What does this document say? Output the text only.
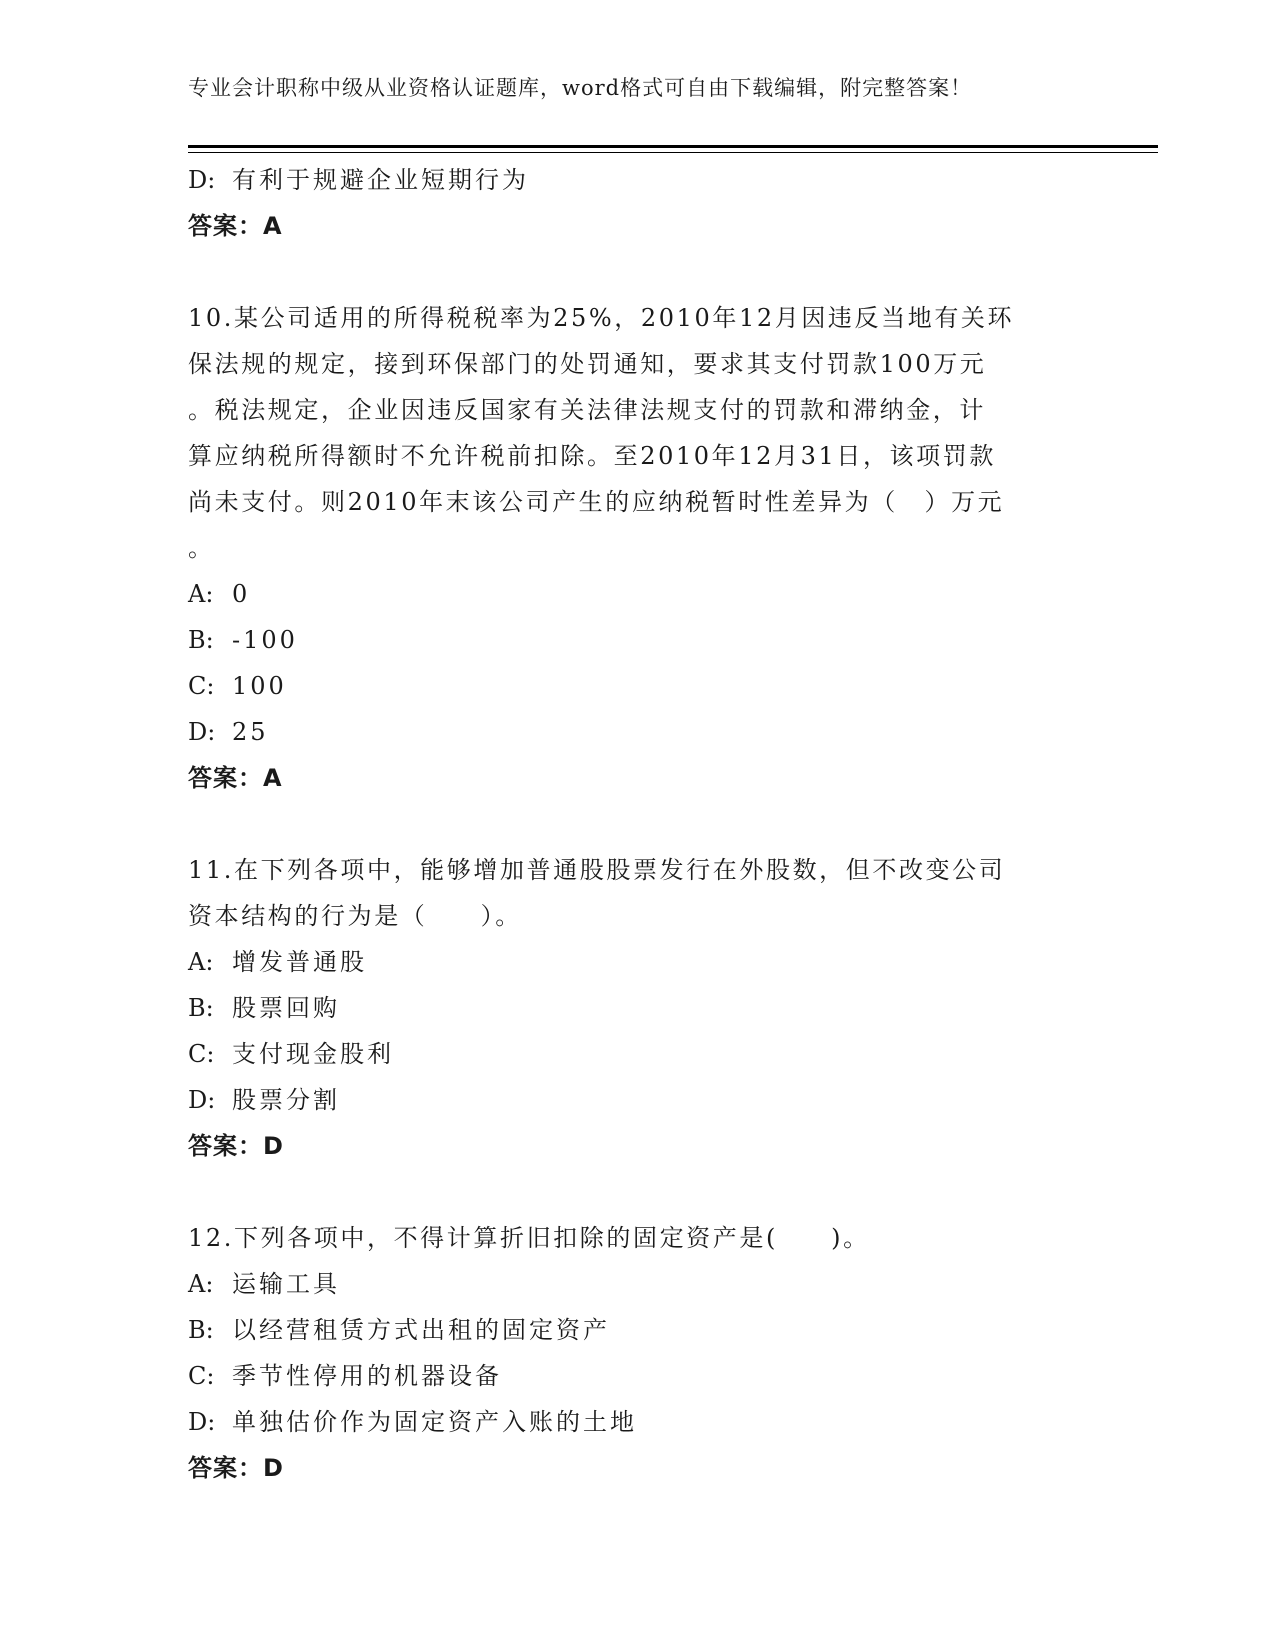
专业会计职称中级从业资格认证题库，word格式可自由下载编辑，附完整答案！
D: 有利于规避企业短期行为
答案：A
10.某公司适用的所得税税率为25%，2010年12月因违反当地有关环
保法规的规定，接到环保部门的处罚通知，要求其支付罚款100万元
。税法规定，企业因违反国家有关法律法规支付的罚款和滞纳金，计
算应纳税所得额时不允许税前扣除。至2010年12月31日，该项罚款
尚未支付。则2010年末该公司产生的应纳税暂时性差异为（　）万元
。
A: 0
B: -100
C: 100
D: 25
答案：A
11.在下列各项中，能够增加普通股股票发行在外股数，但不改变公司
资本结构的行为是（　　）。
A: 增发普通股
B: 股票回购
C: 支付现金股利
D: 股票分割
答案：D
12.下列各项中，不得计算折旧扣除的固定资产是(　　)。
A: 运输工具
B: 以经营租赁方式出租的固定资产
C: 季节性停用的机器设备
D: 单独估价作为固定资产入账的土地
答案：D
